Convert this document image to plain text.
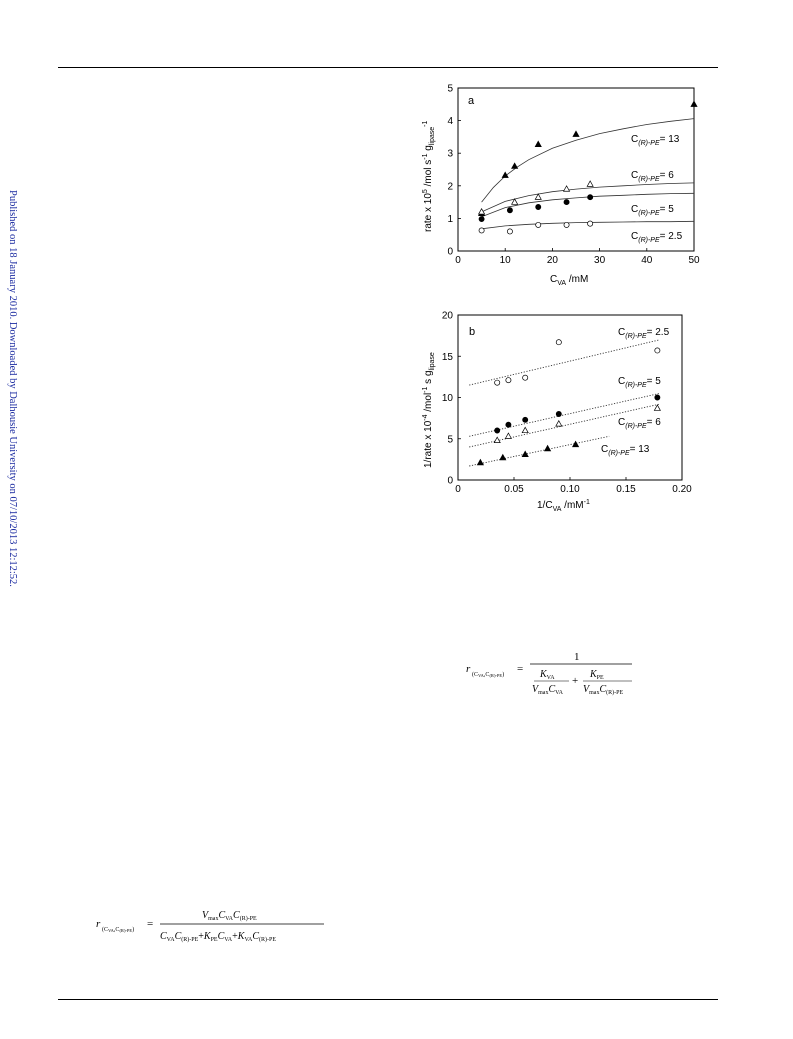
Published on 18 January 2010. Downloaded by Dalhousie University on 07/10/2013 12:12:52.	0	10	20	30	40	50
0
1
2
3
4
5
a
rate x $10^5$ /mol $s^{-1}$ $g_{lipase}^{-1}$
$C_{VA}$ /mM
$C_{(R)-PE}= 13$
$C_{(R)-PE}= 6$
$C_{(R)-PE}= 5$
$C_{(R)-PE}= 2.5$
0	0.05	0.10	0.15	0.20
0
5
10
15
20
b
1/rate x $10^{-4}$ /mol$^{-1}$ s $g_{lipase}$
$1/C_{VA}$ $/mM^{-1}$
$C_{(R)-PE}= 2.5$
$C_{(R)-PE}= 5$
$C_{(R)-PE}= 6$
$C_{(R)-PE}= 13$
r (CVA,C(R)-PE) =
1
$K_{VA}$
$V_{max}C_{VA}$
+
$K_{PE}$
$V_{max}C_{(R)-PE}$
r (CVA,C(R)-PE) =
$V_{max}C_{VA}C_{(R)-PE}$
$C_{VA}C_{(R)-PE}+K_{PE}C_{VA}+K_{VA}C_{(R)-PE}$
